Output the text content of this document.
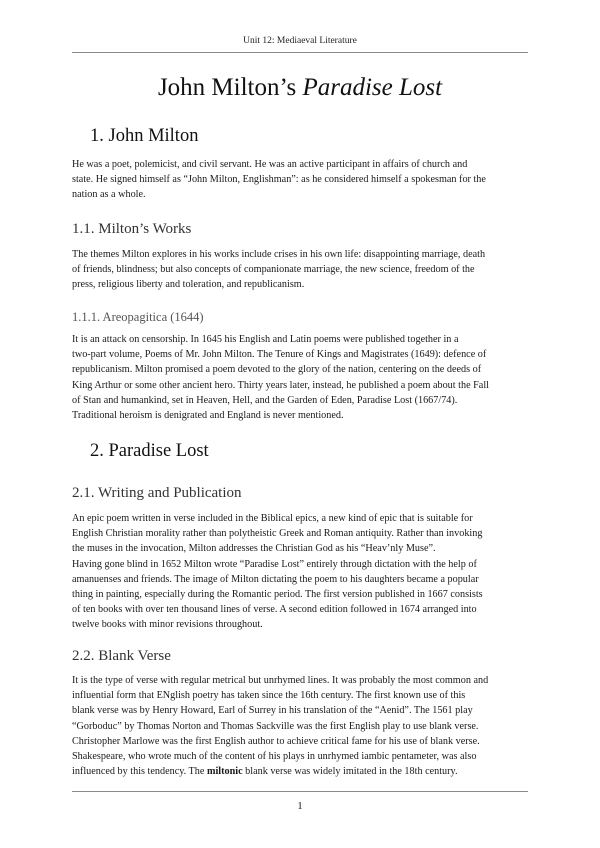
Unit 12: Mediaeval Literature
John Milton’s Paradise Lost
1. John Milton
He was a poet, polemicist, and civil servant. He was an active participant in affairs of church and
state. He signed himself as “John Milton, Englishman”: as he considered himself a spokesman for the
nation as a whole.
1.1. Milton’s Works
The themes Milton explores in his works include crises in his own life: disappointing marriage, death
of friends, blindness; but also concepts of companionate marriage, the new science, freedom of the
press, religious liberty and toleration, and republicanism.
1.1.1. Areopagitica (1644)
It is an attack on censorship. In 1645 his English and Latin poems were published together in a
two-part volume, Poems of Mr. John Milton. The Tenure of Kings and Magistrates (1649): defence of
republicanism. Milton promised a poem devoted to the glory of the nation, centering on the deeds of
King Arthur or some other ancient hero. Thirty years later, instead, he published a poem about the Fall
of Stan and humankind, set in Heaven, Hell, and the Garden of Eden, Paradise Lost (1667/74).
Traditional heroism is denigrated and England is never mentioned.
2. Paradise Lost
2.1. Writing and Publication
An epic poem written in verse included in the Biblical epics, a new kind of epic that is suitable for
English Christian morality rather than polytheistic Greek and Roman antiquity. Rather than invoking
the muses in the invocation, Milton addresses the Christian God as his “Heav’nly Muse”.
Having gone blind in 1652 Milton wrote “Paradise Lost” entirely through dictation with the help of
amanuenses and friends. The image of Milton dictating the poem to his daughters became a popular
thing in painting, especially during the Romantic period. The first version published in 1667 consists
of ten books with over ten thousand lines of verse. A second edition followed in 1674 arranged into
twelve books with minor revisions throughout.
2.2. Blank Verse
It is the type of verse with regular metrical but unrhymed lines. It was probably the most common and
influential form that ENglish poetry has taken since the 16th century. The first known use of this
blank verse was by Henry Howard, Earl of Surrey in his translation of the “Aenid”. The 1561 play
“Gorboduc” by Thomas Norton and Thomas Sackville was the first English play to use blank verse.
Christopher Marlowe was the first English author to achieve critical fame for his use of blank verse.
Shakespeare, who wrote much of the content of his plays in unrhymed iambic pentameter, was also
influenced by this tendency. The miltonic blank verse was widely imitated in the 18th century.
1
